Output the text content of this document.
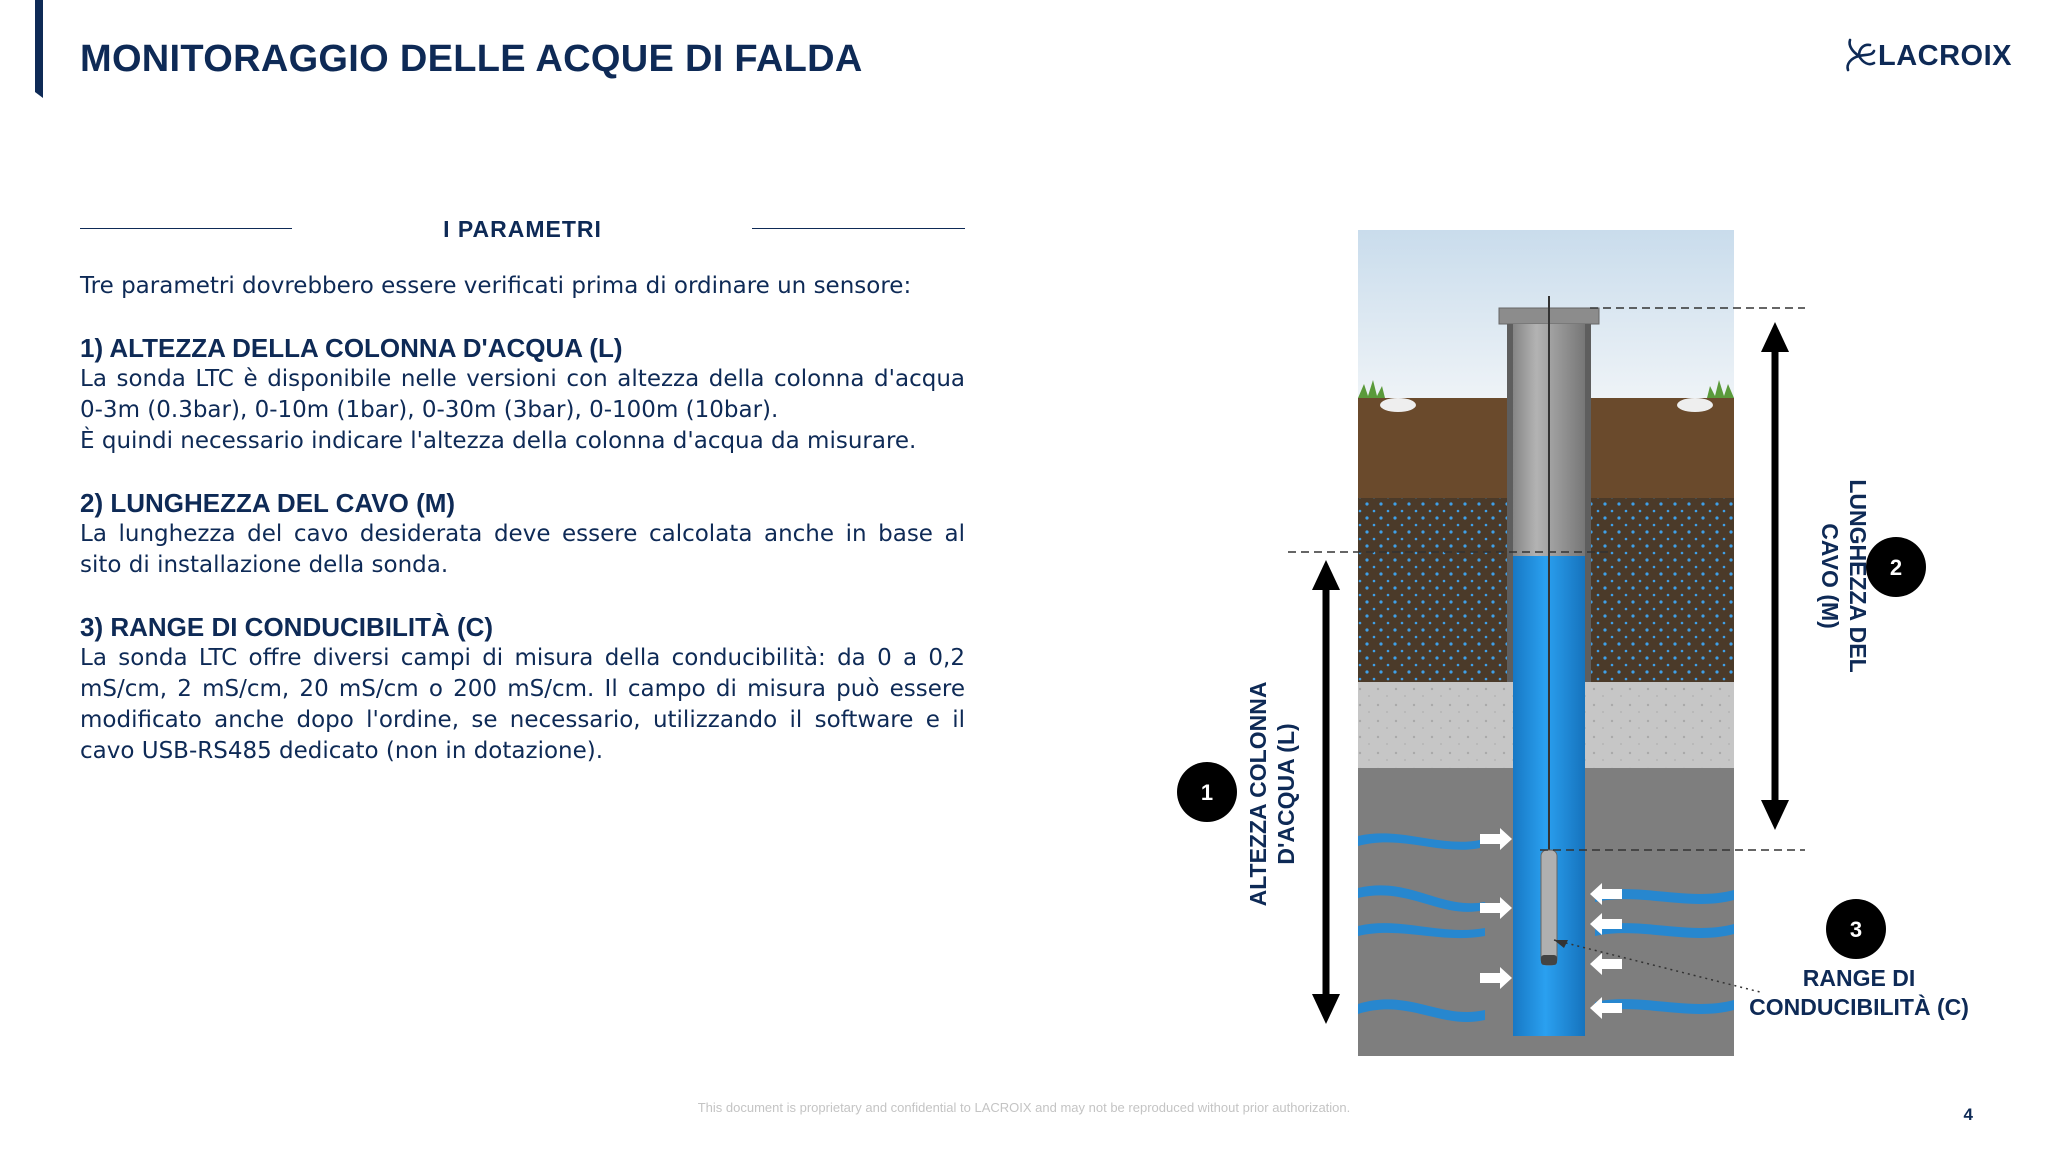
MONITORAGGIO DELLE ACQUE DI FALDA	LACROIX
I PARAMETRI

Tre parametri dovrebbero essere verificati prima di ordinare un sensore:

1) ALTEZZA DELLA COLONNA D'ACQUA (L)

La sonda LTC è disponibile nelle versioni con altezza della colonna d'acqua 0-3m (0.3bar), 0-10m (1bar), 0-30m (3bar), 0-100m (10bar).

È quindi necessario indicare l'altezza della colonna d'acqua da misurare.

2) LUNGHEZZA DEL CAVO (M)

La lunghezza del cavo desiderata deve essere calcolata anche in base al sito di installazione della sonda.

3) RANGE DI CONDUCIBILITÀ (C)

La sonda LTC offre diversi campi di misura della conducibilità: da 0 a 0,2 mS/cm, 2 mS/cm, 20 mS/cm o 200 mS/cm. Il campo di misura può essere modificato anche dopo l'ordine, se necessario, utilizzando il software e il cavo USB-RS485 dedicato (non in dotazione).

1
2
3
ALTEZZA COLONNA D'ACQUA (L)
LUNGHEZZA DEL
CAVO (M)
RANGE DI
CONDUCIBILITÀ (C)
This document is proprietary and confidential to LACROIX and may not be reproduced without prior authorization.	4
